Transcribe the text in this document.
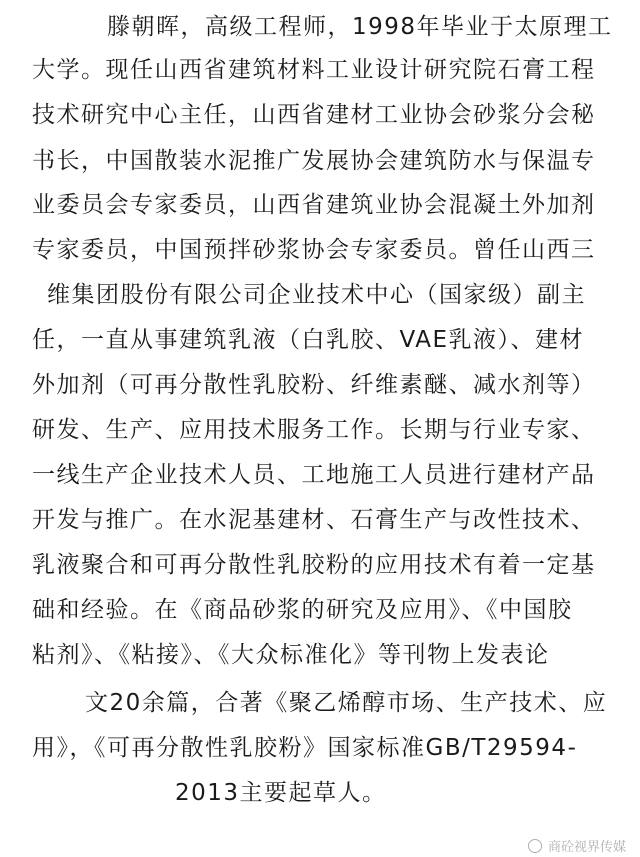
滕朝晖，高级工程师，1998年毕业于太原理工
大学。现任山西省建筑材料工业设计研究院石膏工程
技术研究中心主任，山西省建材工业协会砂浆分会秘
书长，中国散装水泥推广发展协会建筑防水与保温专
业委员会专家委员，山西省建筑业协会混凝土外加剂
专家委员，中国预拌砂浆协会专家委员。曾任山西三
维集团股份有限公司企业技术中心（国家级）副主
任，一直从事建筑乳液（白乳胶、VAE乳液）、建材
外加剂（可再分散性乳胶粉、纤维素醚、减水剂等）
研发、生产、应用技术服务工作。长期与行业专家、
一线生产企业技术人员、工地施工人员进行建材产品
开发与推广。在水泥基建材、石膏生产与改性技术、
乳液聚合和可再分散性乳胶粉的应用技术有着一定基
础和经验。在《商品砂浆的研究及应用》、《中国胶
粘剂》、《粘接》、《大众标准化》等刊物上发表论
文20余篇，合著《聚乙烯醇市场、生产技术、应
用》，《可再分散性乳胶粉》国家标准GB/T29594-
2013主要起草人。
商砼视界传媒
